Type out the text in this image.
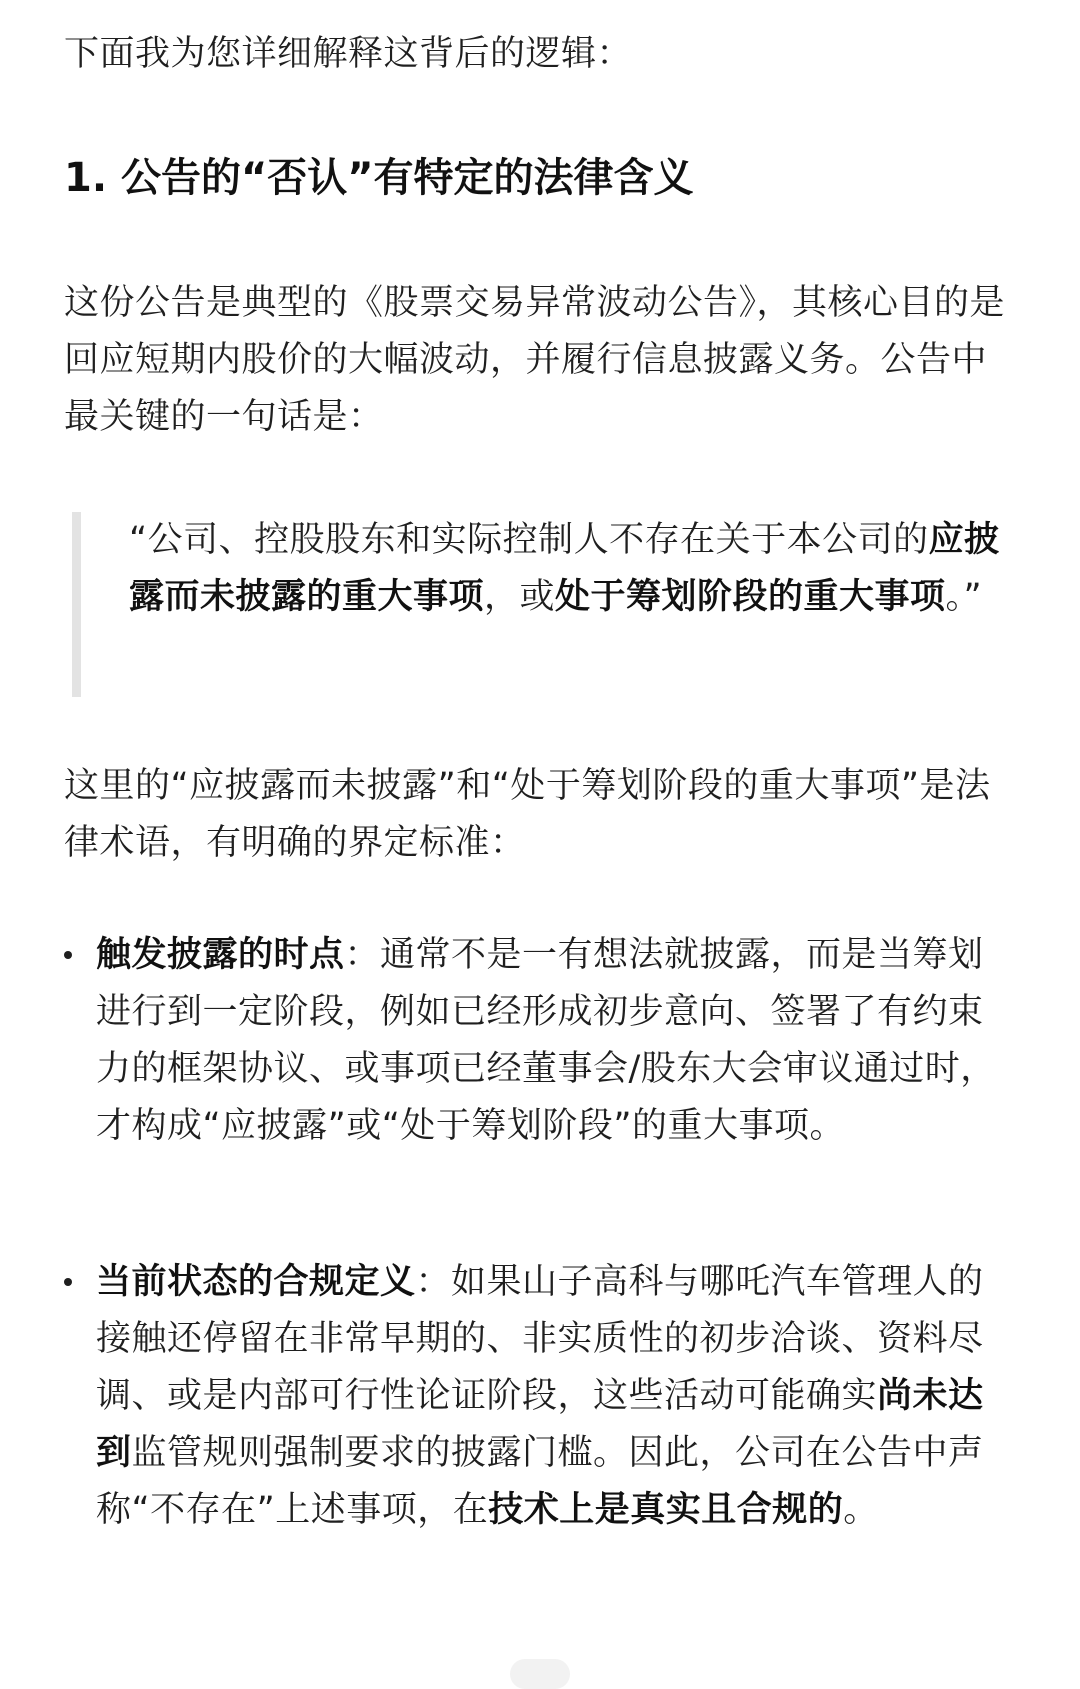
下面我为您详细解释这背后的逻辑：

1. 公告的“否认”有特定的法律含义

这份公告是典型的《股票交易异常波动公告》，其核心目的是回应短期内股价的大幅波动，并履行信息披露义务。公告中最关键的一句话是：

“公司、控股股东和实际控制人不存在关于本公司的应披露而未披露的重大事项，或处于筹划阶段的重大事项。”

这里的“应披露而未披露”和“处于筹划阶段的重大事项”是法律术语，有明确的界定标准：

触发披露的时点：通常不是一有想法就披露，而是当筹划进行到一定阶段，例如已经形成初步意向、签署了有约束力的框架协议、或事项已经董事会/股东大会审议通过时，才构成“应披露”或“处于筹划阶段”的重大事项。

当前状态的合规定义：如果山子高科与哪吒汽车管理人的接触还停留在非常早期的、非实质性的初步洽谈、资料尽调、或是内部可行性论证阶段，这些活动可能确实尚未达到监管规则强制要求的披露门槛。因此，公司在公告中声称“不存在”上述事项，在技术上是真实且合规的。
